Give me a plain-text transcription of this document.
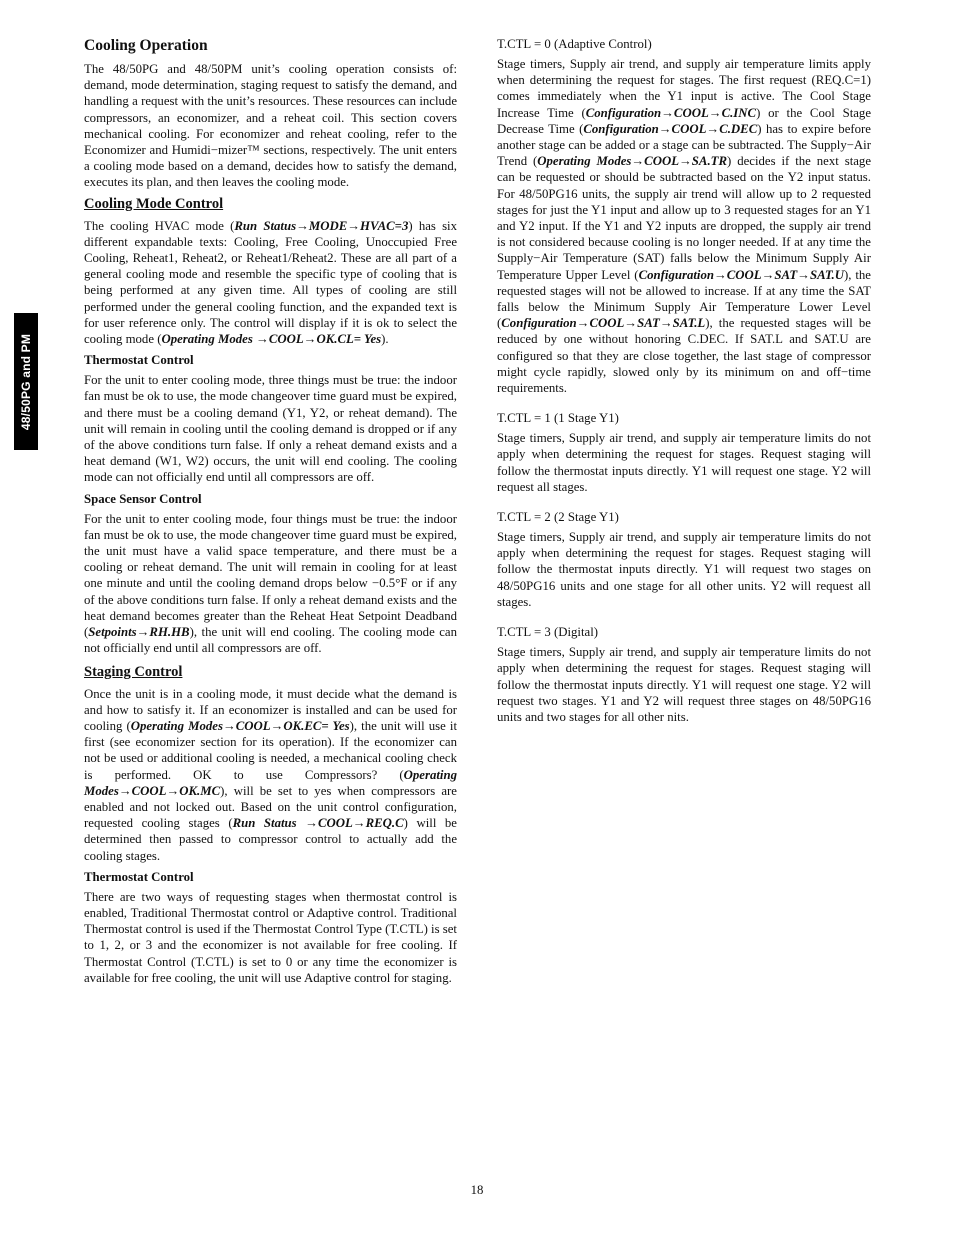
48/50PG and PM
Cooling Operation

The 48/50PG and 48/50PM unit’s cooling operation consists of: demand, mode determination, staging request to satisfy the demand, and handling a request with the unit’s resources. These resources can include compressors, an economizer, and a reheat coil. This section covers mechanical cooling. For economizer and reheat cooling, refer to the Economizer and Humidi−mizer™ sections, respectively. The unit enters a cooling mode based on a demand, decides how to satisfy the demand, executes its plan, and then leaves the cooling mode.

Cooling Mode Control

The cooling HVAC mode (Run Status→MODE→HVAC=3) has six different expandable texts: Cooling, Free Cooling, Unoccupied Free Cooling, Reheat1, Reheat2, or Reheat1/Reheat2. These are all part of a general cooling mode and resemble the specific type of cooling that is being performed at any given time. All types of cooling are still performed under the general cooling function, and the expanded text is for user reference only. The control will display if it is ok to select the cooling mode (Operating Modes →COOL→OK.CL= Yes).

Thermostat Control

For the unit to enter cooling mode, three things must be true: the indoor fan must be ok to use, the mode changeover time guard must be expired, and there must be a cooling demand (Y1, Y2, or reheat demand). The unit will remain in cooling until the cooling demand is dropped or if any of the above conditions turn false. If only a reheat demand exists and a heat demand (W1, W2) occurs, the unit will end cooling. The cooling mode can not officially end until all compressors are off.

Space Sensor Control

For the unit to enter cooling mode, four things must be true: the indoor fan must be ok to use, the mode changeover time guard must be expired, the unit must have a valid space temperature, and there must be a cooling or reheat demand. The unit will remain in cooling for at least one minute and until the cooling demand drops below −0.5°F or if any of the above conditions turn false. If only a reheat demand exists and the heat demand becomes greater than the Reheat Heat Setpoint Deadband (Setpoints→RH.HB), the unit will end cooling. The cooling mode can not officially end until all compressors are off.

Staging Control

Once the unit is in a cooling mode, it must decide what the demand is and how to satisfy it. If an economizer is installed and can be used for cooling (Operating Modes→COOL→OK.EC= Yes), the unit will use it first (see economizer section for its operation). If the economizer can not be used or additional cooling is needed, a mechanical cooling check is performed. OK to use Compressors? (Operating Modes→COOL→OK.MC), will be set to yes when compressors are enabled and not locked out. Based on the unit control configuration, requested cooling stages (Run Status →COOL→REQ.C) will be determined then passed to compressor control to actually add the cooling stages.

Thermostat Control

There are two ways of requesting stages when thermostat control is enabled, Traditional Thermostat control or Adaptive control. Traditional Thermostat control is used if the Thermostat Control Type (T.CTL) is set to 1, 2, or 3 and the economizer is not available for free cooling. If Thermostat Control (T.CTL) is set to 0 or any time the economizer is available for free cooling, the unit will use Adaptive control for staging.

T.CTL = 0 (Adaptive Control)

Stage timers, Supply air trend, and supply air temperature limits apply when determining the request for stages. The first request (REQ.C=1) comes immediately when the Y1 input is active. The Cool Stage Increase Time (Configuration→COOL→C.INC) or the Cool Stage Decrease Time (Configuration→COOL→C.DEC) has to expire before another stage can be added or a stage can be subtracted. The Supply−Air Trend (Operating Modes→COOL→SA.TR) decides if the next stage can be requested or should be subtracted based on the Y2 input status. For 48/50PG16 units, the supply air trend will allow up to 2 requested stages for just the Y1 input and allow up to 3 requested stages for an Y1 and Y2 input. If the Y1 and Y2 inputs are dropped, the supply air trend is not considered because cooling is no longer needed. If at any time the Supply−Air Temperature (SAT) falls below the Minimum Supply Air Temperature Upper Level (Configuration→COOL→SAT→SAT.U), the requested stages will not be allowed to increase. If at any time the SAT falls below the Minimum Supply Air Temperature Lower Level (Configuration→COOL→SAT→SAT.L), the requested stages will be reduced by one without honoring C.DEC. If SAT.L and SAT.U are configured so that they are close together, the last stage of compressor might cycle rapidly, slowed only by its minimum on and off−time requirements.

T.CTL = 1 (1 Stage Y1)

Stage timers, Supply air trend, and supply air temperature limits do not apply when determining the request for stages. Request staging will follow the thermostat inputs directly. Y1 will request one stage. Y2 will request all stages.

T.CTL = 2 (2 Stage Y1)

Stage timers, Supply air trend, and supply air temperature limits do not apply when determining the request for stages. Request staging will follow the thermostat inputs directly. Y1 will request two stages on 48/50PG16 units and one stage for all other units. Y2 will request all stages.

T.CTL = 3 (Digital)

Stage timers, Supply air trend, and supply air temperature limits do not apply when determining the request for stages. Request staging will follow the thermostat inputs directly. Y1 will request one stage. Y2 will request two stages. Y1 and Y2 will request three stages on 48/50PG16 units and two stages for all other nits.

18
